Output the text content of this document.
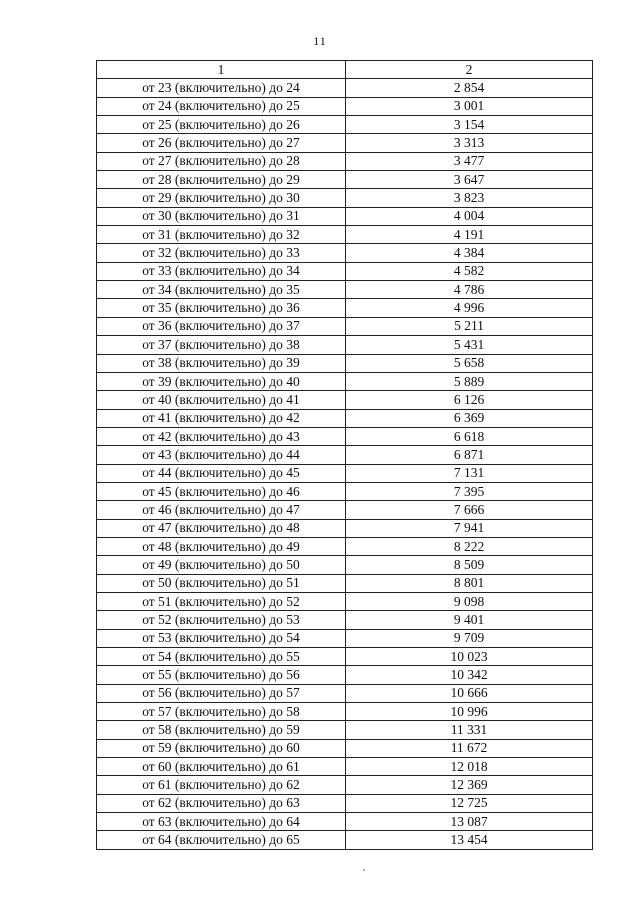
11
1	2
от 23 (включительно) до 24	2 854
от 24 (включительно) до 25	3 001
от 25 (включительно) до 26	3 154
от 26 (включительно) до 27	3 313
от 27 (включительно) до 28	3 477
от 28 (включительно) до 29	3 647
от 29 (включительно) до 30	3 823
от 30 (включительно) до 31	4 004
от 31 (включительно) до 32	4 191
от 32 (включительно) до 33	4 384
от 33 (включительно) до 34	4 582
от 34 (включительно) до 35	4 786
от 35 (включительно) до 36	4 996
от 36 (включительно) до 37	5 211
от 37 (включительно) до 38	5 431
от 38 (включительно) до 39	5 658
от 39 (включительно) до 40	5 889
от 40 (включительно) до 41	6 126
от 41 (включительно) до 42	6 369
от 42 (включительно) до 43	6 618
от 43 (включительно) до 44	6 871
от 44 (включительно) до 45	7 131
от 45 (включительно) до 46	7 395
от 46 (включительно) до 47	7 666
от 47 (включительно) до 48	7 941
от 48 (включительно) до 49	8 222
от 49 (включительно) до 50	8 509
от 50 (включительно) до 51	8 801
от 51 (включительно) до 52	9 098
от 52 (включительно) до 53	9 401
от 53 (включительно) до 54	9 709
от 54 (включительно) до 55	10 023
от 55 (включительно) до 56	10 342
от 56 (включительно) до 57	10 666
от 57 (включительно) до 58	10 996
от 58 (включительно) до 59	11 331
от 59 (включительно) до 60	11 672
от 60 (включительно) до 61	12 018
от 61 (включительно) до 62	12 369
от 62 (включительно) до 63	12 725
от 63 (включительно) до 64	13 087
от 64 (включительно) до 65	13 454
